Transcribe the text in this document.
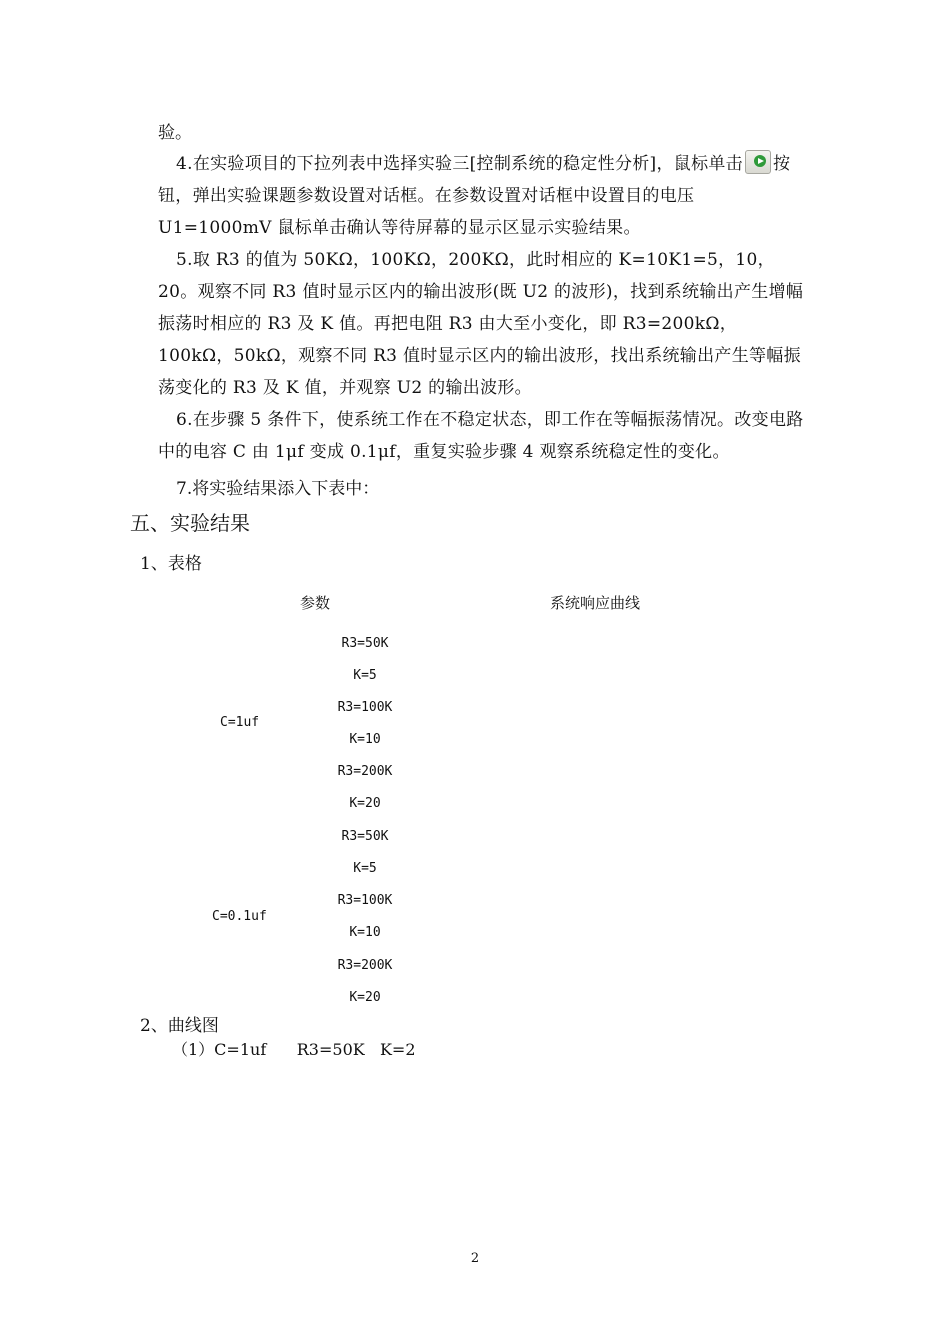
验。
4.在实验项目的下拉列表中选择实验三[控制系统的稳定性分析]，鼠标单击 按钮，弹出实验课题参数设置对话框。在参数设置对话框中设置目的电压 U1=1000mV 鼠标单击确认等待屏幕的显示区显示实验结果。
5.取 R3 的值为 50KΩ，100KΩ，200KΩ，此时相应的 K=10K1=5，10，20。观察不同 R3 值时显示区内的输出波形(既 U2 的波形)，找到系统输出产生增幅振荡时相应的 R3 及 K 值。再把电阻 R3 由大至小变化，即 R3=200kΩ，100kΩ，50kΩ，观察不同 R3 值时显示区内的输出波形，找出系统输出产生等幅振荡变化的 R3 及 K 值，并观察 U2 的输出波形。
6.在步骤 5 条件下，使系统工作在不稳定状态，即工作在等幅振荡情况。改变电路中的电容 C 由 1μf 变成 0.1μf，重复实验步骤 4 观察系统稳定性的变化。
7.将实验结果添入下表中：
五、实验结果
1、表格
参数	系统响应曲线
C=1uf
R3=50K
K=5
R3=100K
K=10
R3=200K
K=20
C=0.1uf
R3=50K
K=5
R3=100K
K=10
R3=200K
K=20
2、曲线图
（1）C=1uf      R3=50K   K=2
2
